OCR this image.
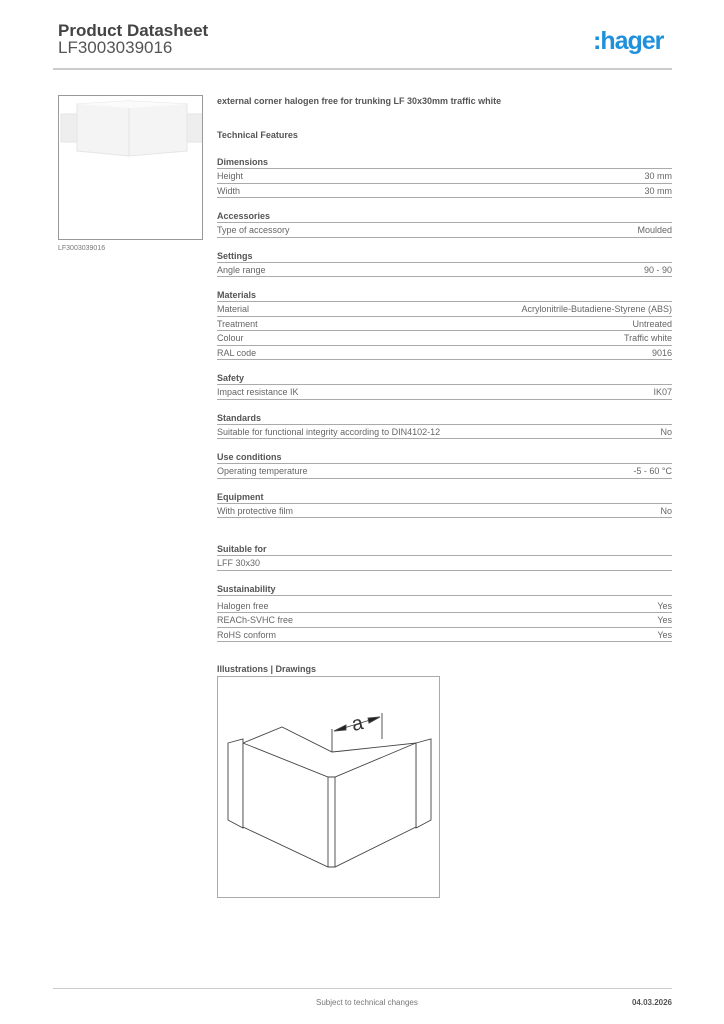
Product Datasheet
LF3003039016	:hager
LF3003039016
external corner halogen free for trunking LF 30x30mm traffic white
Technical Features
Dimensions
Height	30 mm
Width	30 mm
Accessories
Type of accessory	Moulded
Settings
Angle range	90 - 90
Materials
Material	Acrylonitrile-Butadiene-Styrene (ABS)
Treatment	Untreated
Colour	Traffic white
RAL code	9016
Safety
Impact resistance IK	IK07
Standards
Suitable for functional integrity according to DIN4102-12	No
Use conditions
Operating temperature	-5 - 60 °C
Equipment
With protective film	No
Suitable for
LFF 30x30
Sustainability
Halogen free	Yes
REACh-SVHC free	Yes
RoHS conform	Yes
Illustrations | Drawings
a
Subject to technical changes	04.03.2026
